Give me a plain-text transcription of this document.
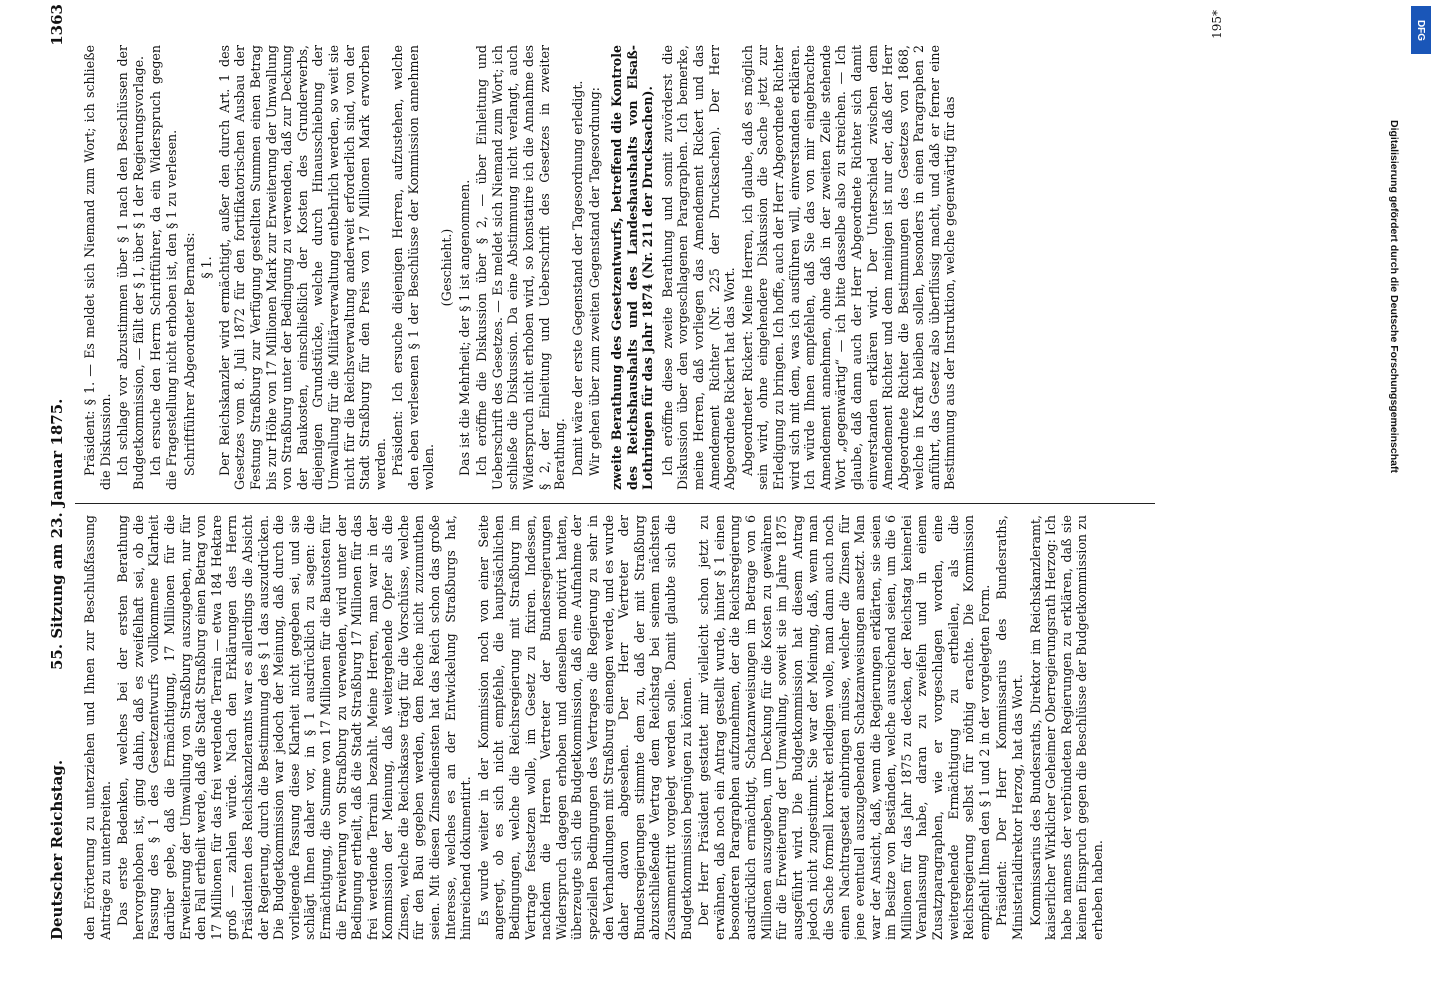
Deutscher Reichstag.
55. Sitzung am 23. Januar 1875.
1363

den Erörterung zu unterziehen und Ihnen zur Beschlußfassung Anträge zu unterbreiten. Das erste Bedenken, welches bei der ersten Berathung hervorgehoben ist, ging dahin, daß es zweifelhaft sei, ob die Fassung des § 1 des Gesetzentwurfs vollkommene Klarheit darüber gebe, daß die Ermächtigung, 17 Millionen für die Erweiterung der Umwallung von Straßburg auszugeben, nur für den Fall ertheilt werde, daß die Stadt Straßburg einen Betrag von 17 Millionen für das frei werdende Terrain — etwa 184 Hektare groß — zahlen würde. Nach den Erklärungen des Herrn Präsidenten des Reichskanzleramts war es allerdings die Absicht der Regierung, durch die Bestimmung des § 1 das auszudrücken. Die Budgetkommission war jedoch der Meinung, daß durch die vorliegende Fassung diese Klarheit nicht gegeben sei, und sie schlägt Ihnen daher vor, in § 1 ausdrücklich zu sagen: die Ermächtigung, die Summe von 17 Millionen für die Bautosten für die Erweiterung von Straßburg zu verwenden, wird unter der Bedingung ertheilt, daß die Stadt Straßburg 17 Millionen für das frei werdende Terrain bezahlt. Meine Herren, man war in der Kommission der Meinung, daß weitergehende Opfer als die Zinsen, welche die Reichskasse trägt für die Vorschüsse, welche für den Bau gegeben werden, dem Reiche nicht zuzumuthen seien. Mit diesen Zinsendiensten hat das Reich schon das große Interesse, welches es an der Entwickelung Straßburgs hat, hinreichend dokumentirt. Es wurde weiter in der Kommission noch von einer Seite angeregt, ob es sich nicht empfehle, die hauptsächlichen Bedingungen, welche die Reichsregierung mit Straßburg im Vertrage festsetzen wolle, im Gesetz zu fixiren. Indessen, nachdem die Herren Vertreter der Bundesregierungen Widerspruch dagegen erhoben und denselben motivirt hatten, überzeugte sich die Budgetkommission, daß eine Aufnahme der speziellen Bedingungen des Vertrages die Regierung zu sehr in den Verhandlungen mit Straßburg einengen werde, und es wurde daher davon abgesehen. Der Herr Vertreter der Bundesregierungen stimmte dem zu, daß der mit Straßburg abzuschließende Vertrag dem Reichstag bei seinem nächsten Zusammentritt vorgelegt werden solle. Damit glaubte sich die Budgetkommission begnügen zu können. Der Herr Präsident gestattet mir vielleicht schon jetzt zu erwähnen, daß noch ein Antrag gestellt wurde, hinter § 1 einen besonderen Paragraphen aufzunehmen, der die Reichsregierung ausdrücklich ermächtigt, Schatzanweisungen im Betrage von 6 Millionen auszugeben, um Deckung für die Kosten zu gewähren für die Erweiterung der Umwallung, soweit sie im Jahre 1875 ausgeführt wird. Die Budgetkommission hat diesem Antrag jedoch nicht zugestimmt. Sie war der Meinung, daß, wenn man die Sache formell korrekt erledigen wolle, man dann auch noch einen Nachtragsetat einbringen müsse, welcher die Zinsen für jene eventuell auszugebenden Schatzanweisungen ansetzt. Man war der Ansicht, daß, wenn die Regierungen erklärten, sie seien im Besitze von Beständen, welche ausreichend seien, um die 6 Millionen für das Jahr 1875 zu decken, der Reichstag keinerlei Veranlassung habe, daran zu zweifeln und in einem Zusatzparagraphen, wie er vorgeschlagen worden, eine weitergehende Ermächtigung zu ertheilen, als die Reichsregierung selbst für nöthig erachte. Die Kommission empfiehlt Ihnen den § 1 und 2 in der vorgelegten Form. Präsident: Der Herr Kommissarius des Bundesraths, Ministerialdirektor Herzog, hat das Wort. Kommissarius des Bundesraths, Direktor im Reichskanzleramt, kaiserlicher Wirklicher Geheimer Oberregierungsrath Herzog: Ich habe namens der verbündeten Regierungen zu erklären, daß sie keinen Einspruch gegen die Beschlüsse der Budgetkommission zu erheben haben.

Präsident: § 1. — Es meldet sich Niemand zum Wort; ich schließe die Diskussion. Ich schlage vor abzustimmen über § 1 nach den Beschlüssen der Budgetkommission, — fällt der § 1, über § 1 der Regierungsvorlage. Ich ersuche den Herrn Schriftführer, da ein Widerspruch gegen die Fragestellung nicht erhoben ist, den § 1 zu verlesen. Schriftführer Abgeordneter Bernards: § 1. Der Reichskanzler wird ermächtigt, außer den durch Art. 1 des Gesetzes vom 8. Juli 1872 für den fortifikatorischen Ausbau der Festung Straßburg zur Verfügung gestellten Summen einen Betrag bis zur Höhe von 17 Millionen Mark zur Erweiterung der Umwallung von Straßburg unter der Bedingung zu verwenden, daß zur Deckung der Baukosten, einschließlich der Kosten des Grunderwerbs, diejenigen Grundstücke, welche durch Hinausschiebung der Umwallung für die Militärverwaltung entbehrlich werden, so weit sie nicht für die Reichsverwaltung anderweit erforderlich sind, von der Stadt Straßburg für den Preis von 17 Millionen Mark erworben werden. Präsident: Ich ersuche diejenigen Herren, aufzustehen, welche den eben verlesenen § 1 der Beschlüsse der Kommission annehmen wollen.

(Geschieht.) Das ist die Mehrheit; der § 1 ist angenommen. Ich eröffne die Diskussion über § 2, — über Einleitung und Ueberschrift des Gesetzes. — Es meldet sich Niemand zum Wort; ich schließe die Diskussion. Da eine Abstimmung nicht verlangt, auch Widerspruch nicht erhoben wird, so konstatire ich die Annahme des § 2, der Einleitung und Ueberschrift des Gesetzes in zweiter Berathung. Damit wäre der erste Gegenstand der Tagesordnung erledigt. Wir gehen über zum zweiten Gegenstand der Tagesordnung: zweite Berathung des Gesetzentwurfs, betreffend die Kontrole des Reichshaushalts und des Landeshaushalts von Elsaß-Lothringen für das Jahr 1874 (Nr. 211 der Drucksachen). Ich eröffne diese zweite Berathung und somit zuvörderst die Diskussion über den vorgeschlagenen Paragraphen. Ich bemerke, meine Herren, daß vorliegen das Amendement Rickert und das Amendement Richter (Nr. 225 der Drucksachen). Der Herr Abgeordnete Rickert hat das Wort. Abgeordneter Rickert: Meine Herren, ich glaube, daß es möglich sein wird, ohne eingehendere Diskussion die Sache jetzt zur Erledigung zu bringen. Ich hoffe, auch der Herr Abgeordnete Richter wird sich mit dem, was ich ausführen will, einverstanden erklären. Ich würde Ihnen empfehlen, daß Sie das von mir eingebrachte Amendement annehmen, ohne daß in der zweiten Zeile stehende Wort „gegenwärtig“ — ich bitte dasselbe also zu streichen. — Ich glaube, daß dann auch der Herr Abgeordnete Richter sich damit einverstanden erklären wird. Der Unterschied zwischen dem Amendement Richter und dem meinigen ist nur der, daß der Herr Abgeordnete Richter die Bestimmungen des Gesetzes von 1868, welche in Kraft bleiben sollen, besonders in einen Paragraphen 2 anführt, das Gesetz also überflüssig macht, und daß er ferner eine Bestimmung aus der Instruktion, welche gegenwärtig für das

195*
Digitalisierung gefördert durch die Deutsche Forschungsgemeinschaft
DFG
